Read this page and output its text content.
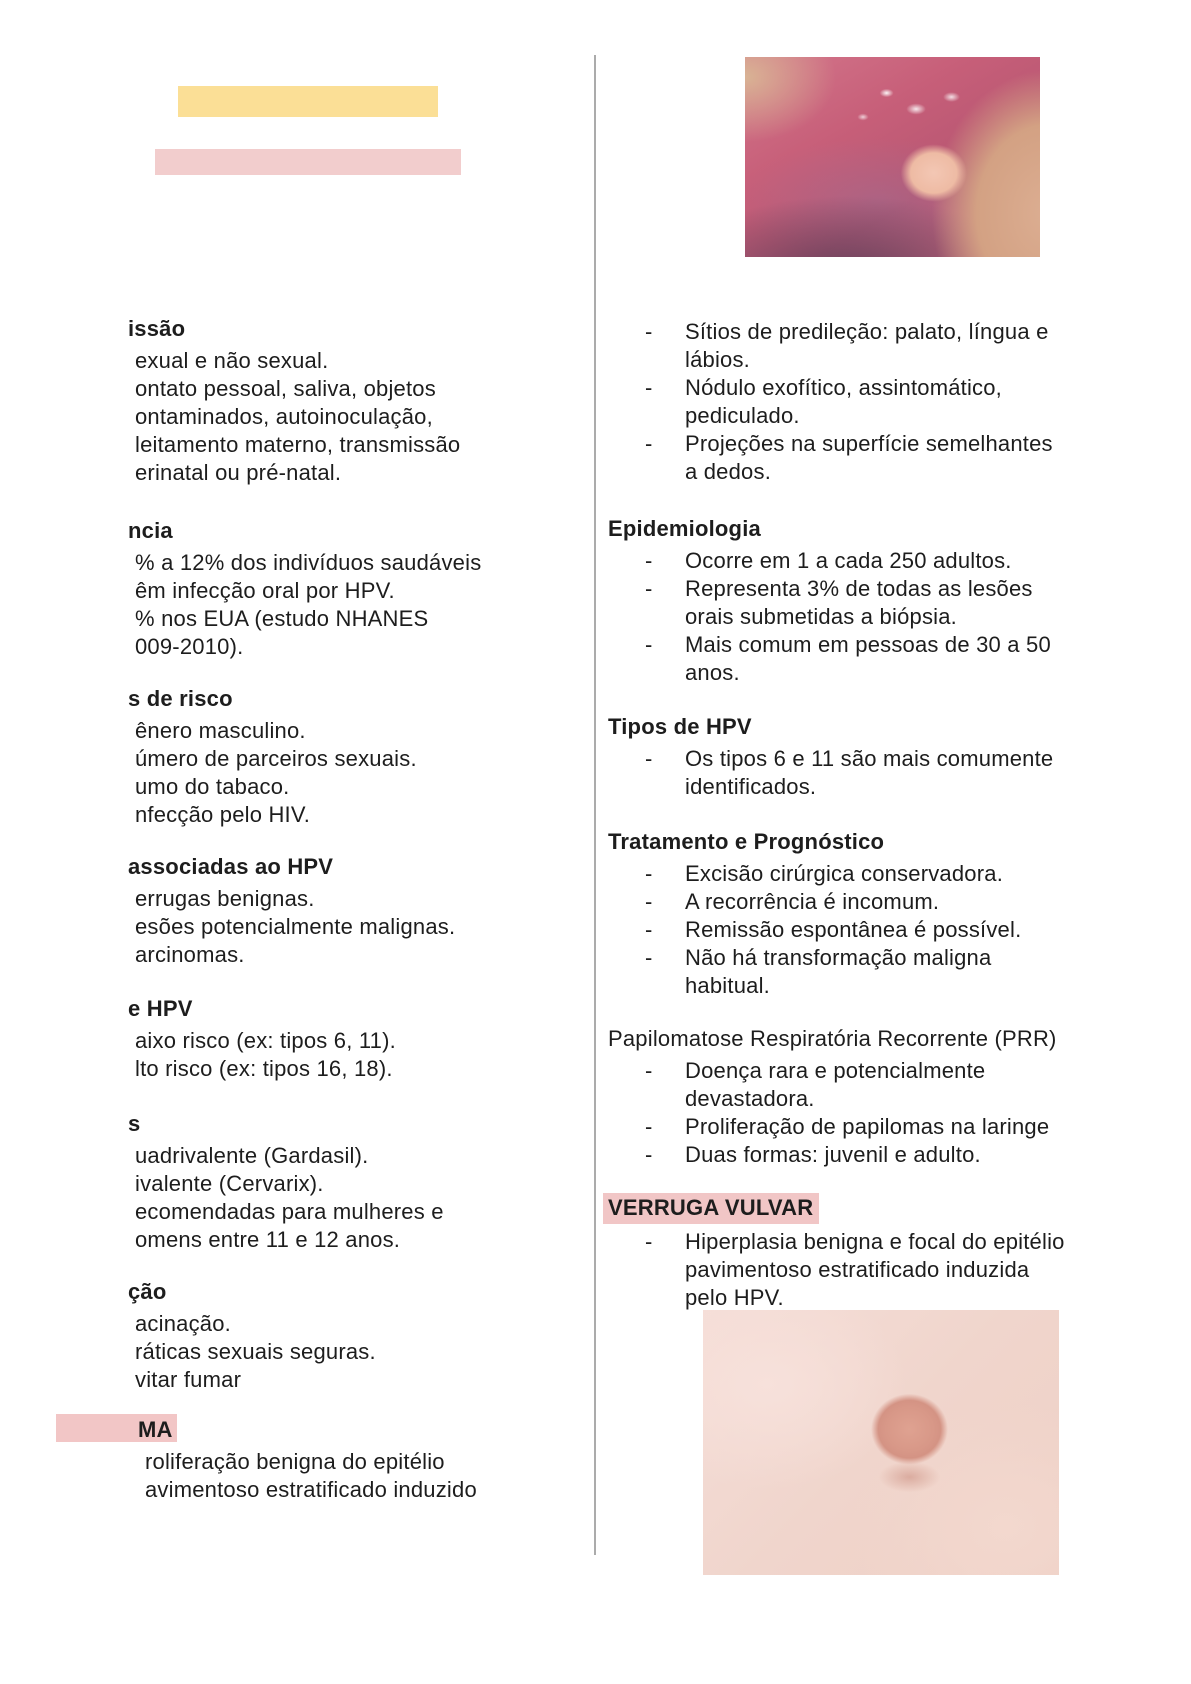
issão
exual e não sexual.
ontato pessoal, saliva, objetos
ontaminados, autoinoculação,
leitamento materno, transmissão
erinatal ou pré-natal.
ncia
% a 12% dos indivíduos saudáveis
êm infecção oral por HPV.
% nos EUA (estudo NHANES
009-2010).
s de risco
ênero masculino.
úmero de parceiros sexuais.
umo do tabaco.
nfecção pelo HIV.
associadas ao HPV
errugas benignas.
esões potencialmente malignas.
arcinomas.
e HPV
aixo risco (ex: tipos 6, 11).
lto risco (ex: tipos 16, 18).
s
uadrivalente (Gardasil).
ivalente (Cervarix).
ecomendadas para mulheres e
omens entre 11 e 12 anos.
ção
acinação.
ráticas sexuais seguras.
vitar fumar
MA
roliferação benigna do epitélio
avimentoso estratificado induzido
-	Sítios de predileção: palato, língua e lábios.
-	Nódulo exofítico, assintomático, pediculado.
-	Projeções na superfície semelhantes a dedos.
Epidemiologia
-	Ocorre em 1 a cada 250 adultos.
-	Representa 3% de todas as lesões orais submetidas a biópsia.
-	Mais comum em pessoas de 30 a 50 anos.
Tipos de HPV
-	Os tipos 6 e 11 são mais comumente identificados.
Tratamento e Prognóstico
-	Excisão cirúrgica conservadora.
-	A recorrência é incomum.
-	Remissão espontânea é possível.
-	Não há transformação maligna habitual.
Papilomatose Respiratória Recorrente (PRR)
-	Doença rara e potencialmente devastadora.
-	Proliferação de papilomas na laringe
-	Duas formas: juvenil e adulto.
VERRUGA VULVAR
-	Hiperplasia benigna e focal do epitélio pavimentoso estratificado induzida pelo HPV.
